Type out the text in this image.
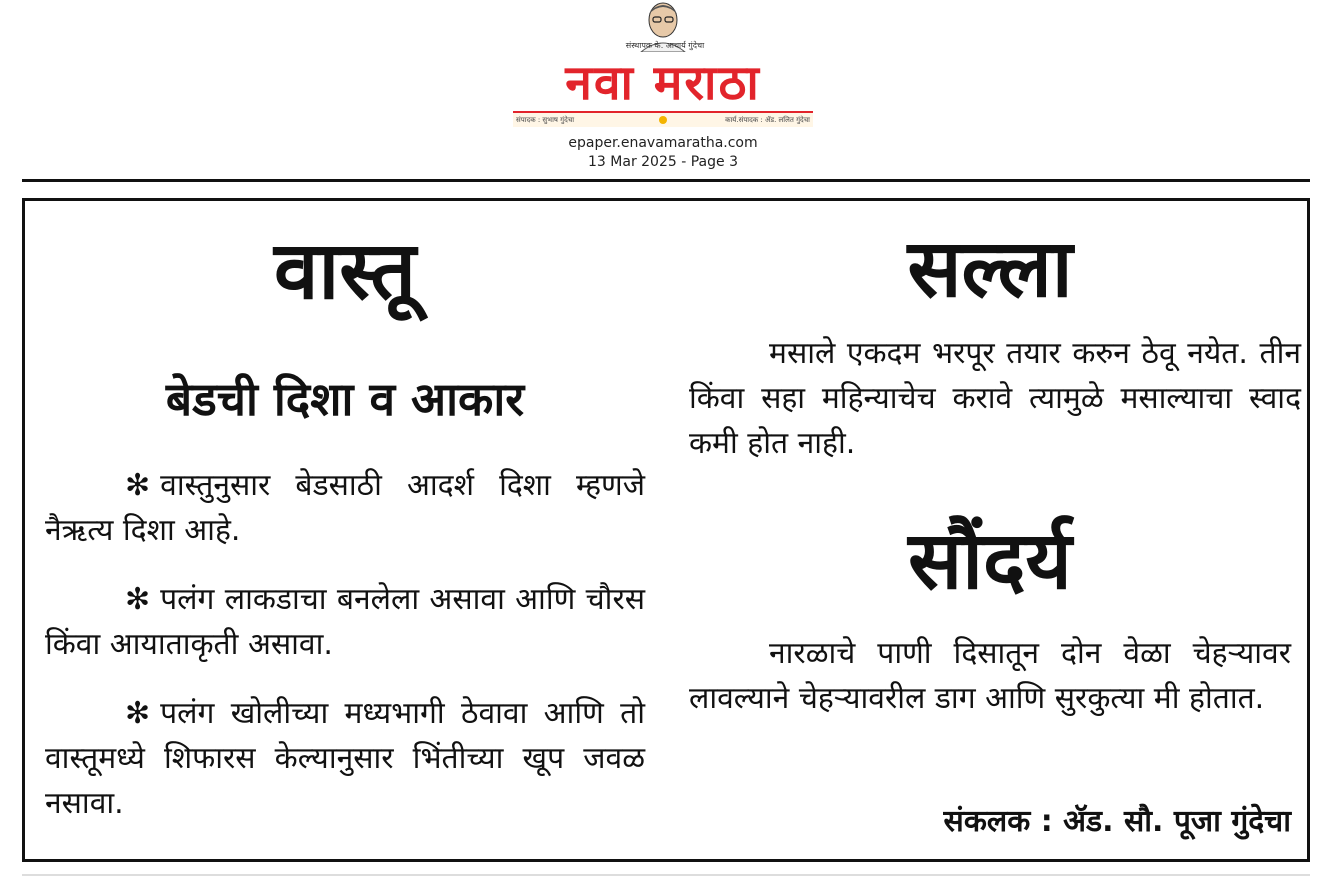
संस्थापक के. आचार्य गुंदेचा
नवा मराठा
संपादक : सुभाष गुंदेचा	कार्य.संपादक : ॲड. ललित गुंदेचा
epaper.enavamaratha.com
13 Mar 2025 - Page 3
वास्तू
बेडची दिशा व आकार

✻ वास्तुनुसार बेडसाठी आदर्श दिशा म्हणजे नैऋत्य दिशा आहे.

✻ पलंग लाकडाचा बनलेला असावा आणि चौरस किंवा आयाताकृती असावा.

✻ पलंग खोलीच्या मध्यभागी ठेवावा आणि तो वास्तूमध्ये शिफारस केल्यानुसार भिंतीच्या खूप जवळ नसावा.

सल्ला

मसाले एकदम भरपूर तयार करुन ठेवू नयेत. तीन किंवा सहा महिन्याचेच करावे त्यामुळे मसाल्याचा स्वाद कमी होत नाही.

सौंदर्य

नारळाचे पाणी दिसातून दोन वेळा चेहऱ्यावर लावल्याने चेहऱ्यावरील डाग आणि सुरकुत्या मी होतात.

संकलक : ॲड. सौ. पूजा गुंदेचा
